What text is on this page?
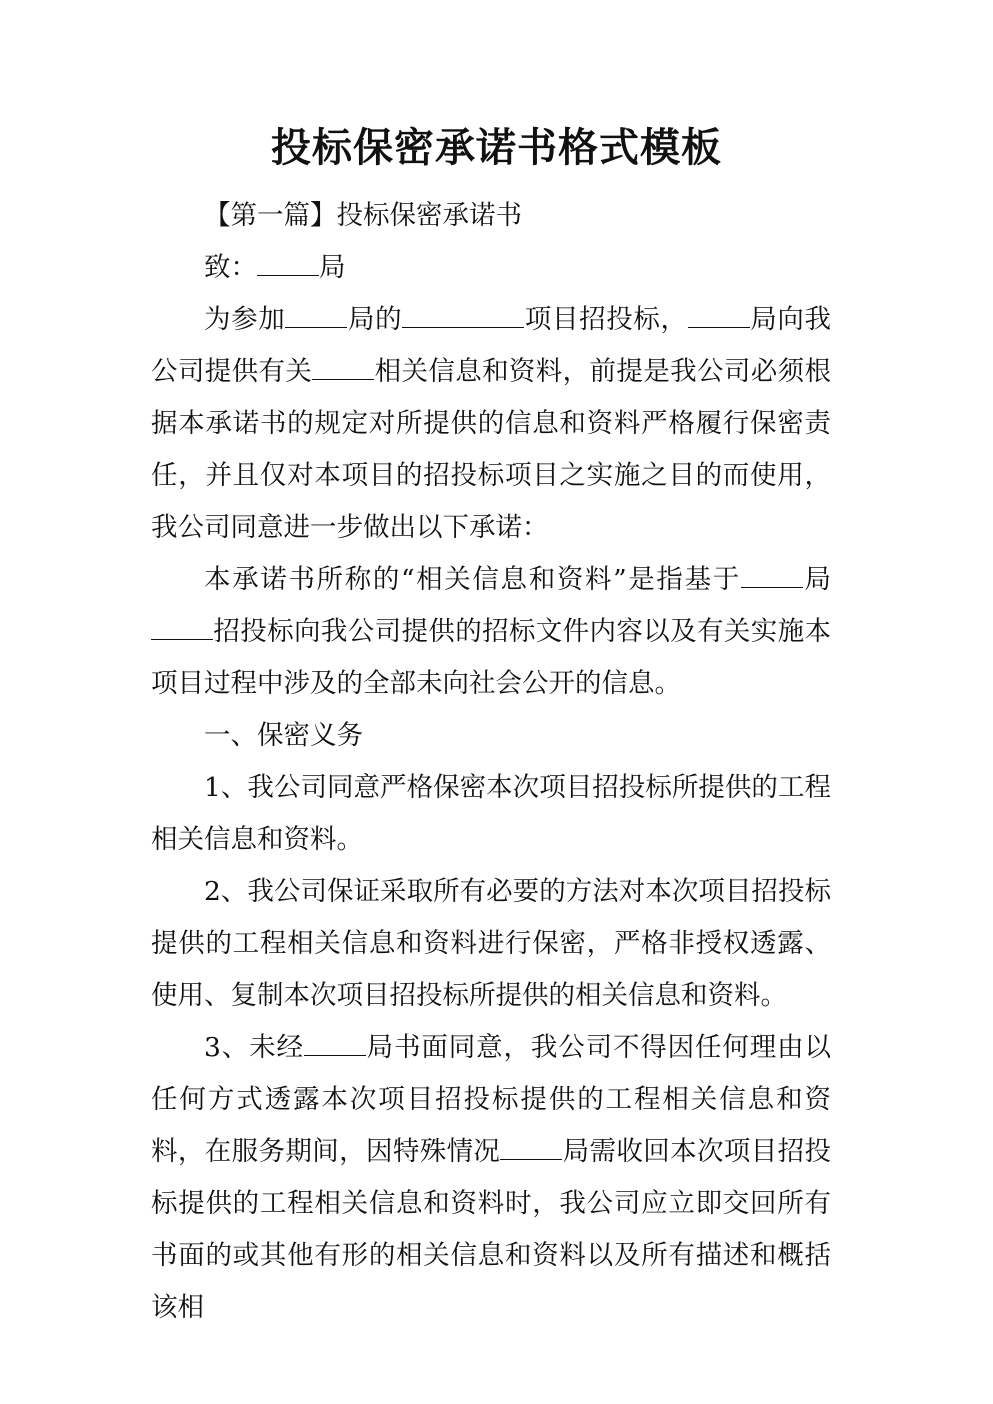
投标保密承诺书格式模板

【第一篇】投标保密承诺书

致： 局

为参加 局的	项目招投标， 局向我公司提供有关 相关信息和资料，前提是我公司必须根据本承诺书的规定对所提供的信息和资料严格履行保密责任，并且仅对本项目的招投标项目之实施之目的而使用，我公司同意进一步做出以下承诺：

本承诺书所称的“相关信息和资料”是指基于 局招投标向我公司提供的招标文件内容以及有关实施本项目过程中涉及的全部未向社会公开的信息。

一、保密义务

1、我公司同意严格保密本次项目招投标所提供的工程相关信息和资料。

2、我公司保证采取所有必要的方法对本次项目招投标提供的工程相关信息和资料进行保密，严格非授权透露、使用、复制本次项目招投标所提供的相关信息和资料。

3、未经 局书面同意，我公司不得因任何理由以任何方式透露本次项目招投标提供的工程相关信息和资料，在服务期间，因特殊情况 局需收回本次项目招投标提供的工程相关信息和资料时，我公司应立即交回所有书面的或其他有形的相关信息和资料以及所有描述和概括该相
